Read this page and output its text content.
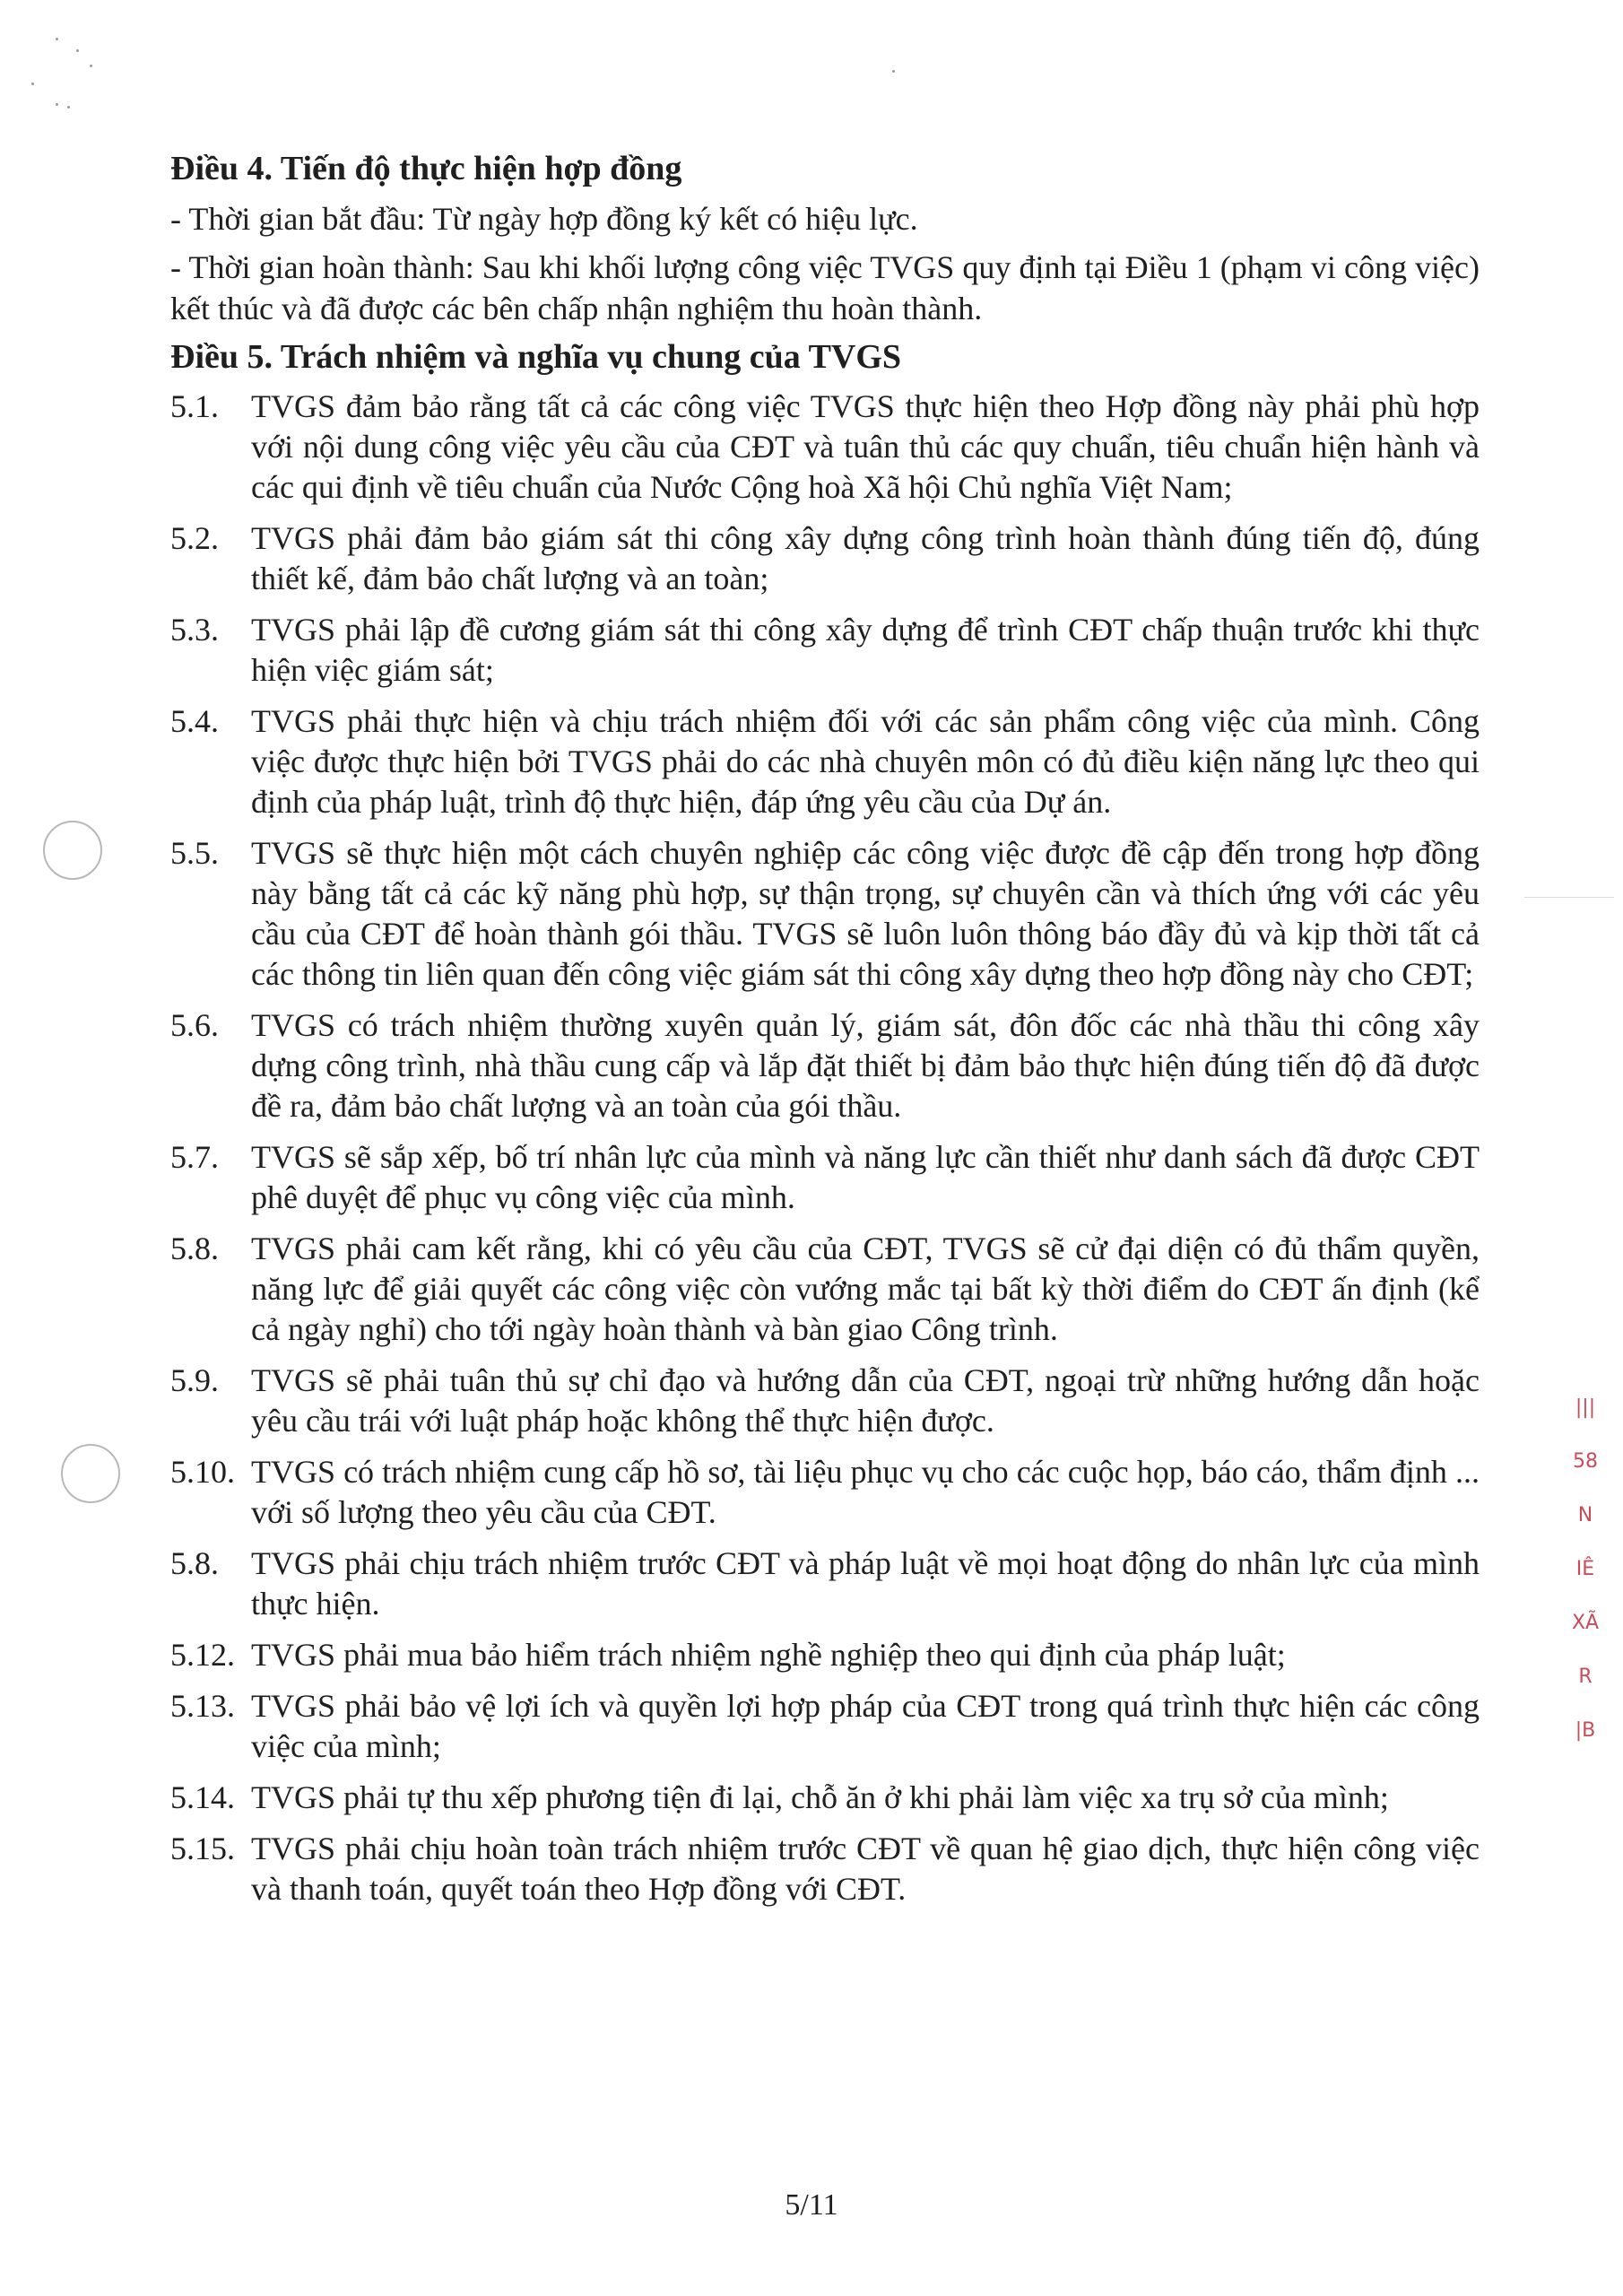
|||
58
N
IÊ
XÃ
R
|B
Điều 4. Tiến độ thực hiện hợp đồng
- Thời gian bắt đầu: Từ ngày hợp đồng ký kết có hiệu lực.
- Thời gian hoàn thành: Sau khi khối lượng công việc TVGS quy định tại Điều 1 (phạm vi công việc) kết thúc và đã được các bên chấp nhận nghiệm thu hoàn thành.
Điều 5. Trách nhiệm và nghĩa vụ chung của TVGS
5.1.	TVGS đảm bảo rằng tất cả các công việc TVGS thực hiện theo Hợp đồng này phải phù hợp với nội dung công việc yêu cầu của CĐT và tuân thủ các quy chuẩn, tiêu chuẩn hiện hành và các qui định về tiêu chuẩn của Nước Cộng hoà Xã hội Chủ nghĩa Việt Nam;
5.2.	TVGS phải đảm bảo giám sát thi công xây dựng công trình hoàn thành đúng tiến độ, đúng thiết kế, đảm bảo chất lượng và an toàn;
5.3.	TVGS phải lập đề cương giám sát thi công xây dựng để trình CĐT chấp thuận trước khi thực hiện việc giám sát;
5.4.	TVGS phải thực hiện và chịu trách nhiệm đối với các sản phẩm công việc của mình. Công việc được thực hiện bởi TVGS phải do các nhà chuyên môn có đủ điều kiện năng lực theo qui định của pháp luật, trình độ thực hiện, đáp ứng yêu cầu của Dự án.
5.5.	TVGS sẽ thực hiện một cách chuyên nghiệp các công việc được đề cập đến trong hợp đồng này bằng tất cả các kỹ năng phù hợp, sự thận trọng, sự chuyên cần và thích ứng với các yêu cầu của CĐT để hoàn thành gói thầu. TVGS sẽ luôn luôn thông báo đầy đủ và kịp thời tất cả các thông tin liên quan đến công việc giám sát thi công xây dựng theo hợp đồng này cho CĐT;
5.6.	TVGS có trách nhiệm thường xuyên quản lý, giám sát, đôn đốc các nhà thầu thi công xây dựng công trình, nhà thầu cung cấp và lắp đặt thiết bị đảm bảo thực hiện đúng tiến độ đã được đề ra, đảm bảo chất lượng và an toàn của gói thầu.
5.7.	TVGS sẽ sắp xếp, bố trí nhân lực của mình và năng lực cần thiết như danh sách đã được CĐT phê duyệt để phục vụ công việc của mình.
5.8.	TVGS phải cam kết rằng, khi có yêu cầu của CĐT, TVGS sẽ cử đại diện có đủ thẩm quyền, năng lực để giải quyết các công việc còn vướng mắc tại bất kỳ thời điểm do CĐT ấn định (kể cả ngày nghỉ) cho tới ngày hoàn thành và bàn giao Công trình.
5.9.	TVGS sẽ phải tuân thủ sự chỉ đạo và hướng dẫn của CĐT, ngoại trừ những hướng dẫn hoặc yêu cầu trái với luật pháp hoặc không thể thực hiện được.
5.10. TVGS có trách nhiệm cung cấp hồ sơ, tài liệu phục vụ cho các cuộc họp, báo cáo, thẩm định ... với số lượng theo yêu cầu của CĐT.
5.8.	TVGS phải chịu trách nhiệm trước CĐT và pháp luật về mọi hoạt động do nhân lực của mình thực hiện.
5.12. TVGS phải mua bảo hiểm trách nhiệm nghề nghiệp theo qui định của pháp luật;
5.13. TVGS phải bảo vệ lợi ích và quyền lợi hợp pháp của CĐT trong quá trình thực hiện các công việc của mình;
5.14. TVGS phải tự thu xếp phương tiện đi lại, chỗ ăn ở khi phải làm việc xa trụ sở của mình;
5.15. TVGS phải chịu hoàn toàn trách nhiệm trước CĐT về quan hệ giao dịch, thực hiện công việc và thanh toán, quyết toán theo Hợp đồng với CĐT.
5/11
